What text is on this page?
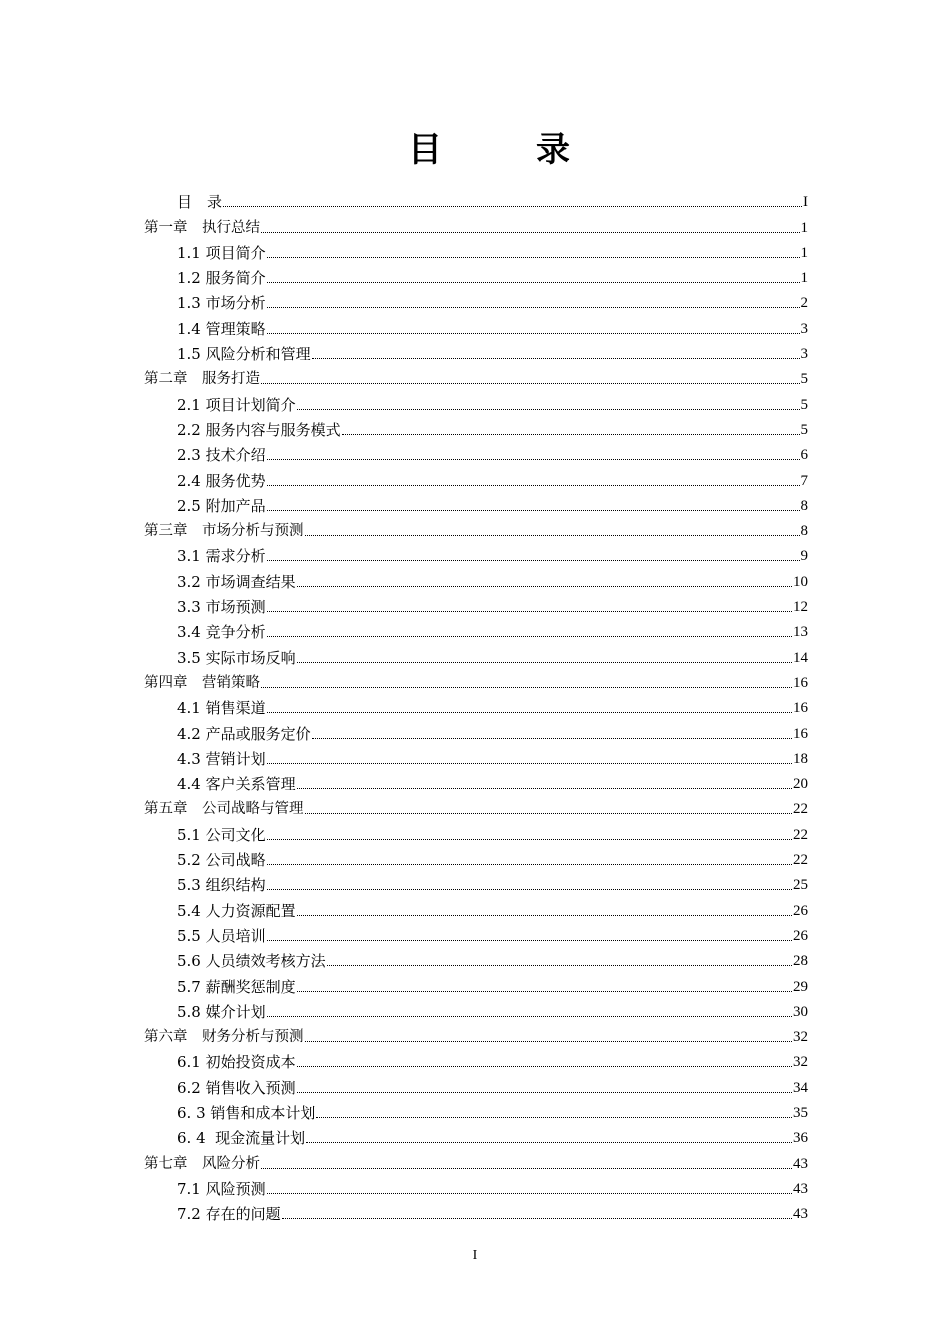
目　录
目　录	I
第一章　执行总结	1
1.1 项目简介	1
1.2 服务简介	1
1.3 市场分析	2
1.4 管理策略	3
1.5 风险分析和管理	3
第二章　服务打造	5
2.1 项目计划简介	5
2.2 服务内容与服务模式	5
2.3 技术介绍	6
2.4 服务优势	7
2.5 附加产品	8
第三章　市场分析与预测	8
3.1 需求分析	9
3.2 市场调查结果	10
3.3 市场预测	12
3.4 竞争分析	13
3.5 实际市场反响	14
第四章　营销策略	16
4.1 销售渠道	16
4.2 产品或服务定价	16
4.3 营销计划	18
4.4 客户关系管理	20
第五章　公司战略与管理	22
5.1 公司文化	22
5.2 公司战略	22
5.3 组织结构	25
5.4 人力资源配置	26
5.5 人员培训	26
5.6 人员绩效考核方法	28
5.7 薪酬奖惩制度	29
5.8 媒介计划	30
第六章　财务分析与预测	32
6.1 初始投资成本	32
6.2 销售收入预测	34
6. 3 销售和成本计划	35
6. 4  现金流量计划	36
第七章　风险分析	43
7.1 风险预测	43
7.2 存在的问题	43
I
